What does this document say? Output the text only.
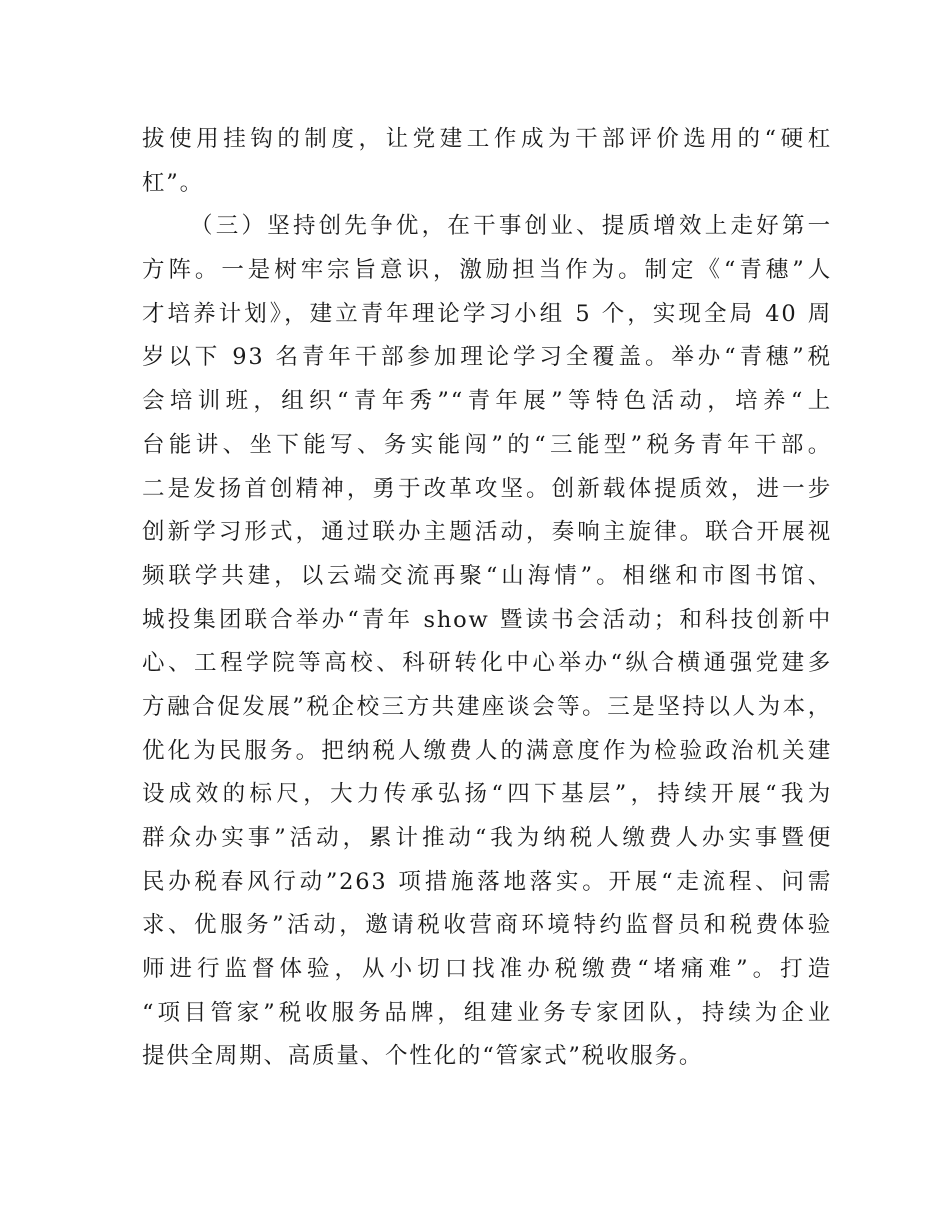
拔使用挂钩的制度，让党建工作成为干部评价选用的“硬杠
杠”。
（三）坚持创先争优，在干事创业、提质增效上走好第一
方阵。一是树牢宗旨意识，激励担当作为。制定《“青穗”人
才培养计划》，建立青年理论学习小组 5 个，实现全局 40 周
岁以下 93 名青年干部参加理论学习全覆盖。举办“青穗”税
会培训班，组织“青年秀”“青年展”等特色活动，培养“上
台能讲、坐下能写、务实能闯”的“三能型”税务青年干部。
二是发扬首创精神，勇于改革攻坚。创新载体提质效，进一步
创新学习形式，通过联办主题活动，奏响主旋律。联合开展视
频联学共建，以云端交流再聚“山海情”。相继和市图书馆、
城投集团联合举办“青年 show 暨读书会活动；和科技创新中
心、工程学院等高校、科研转化中心举办“纵合横通强党建多
方融合促发展”税企校三方共建座谈会等。三是坚持以人为本，
优化为民服务。把纳税人缴费人的满意度作为检验政治机关建
设成效的标尺，大力传承弘扬“四下基层”，持续开展“我为
群众办实事”活动，累计推动“我为纳税人缴费人办实事暨便
民办税春风行动”263 项措施落地落实。开展“走流程、问需
求、优服务”活动，邀请税收营商环境特约监督员和税费体验
师进行监督体验，从小切口找准办税缴费“堵痛难”。打造
“项目管家”税收服务品牌，组建业务专家团队，持续为企业
提供全周期、高质量、个性化的“管家式”税收服务。
